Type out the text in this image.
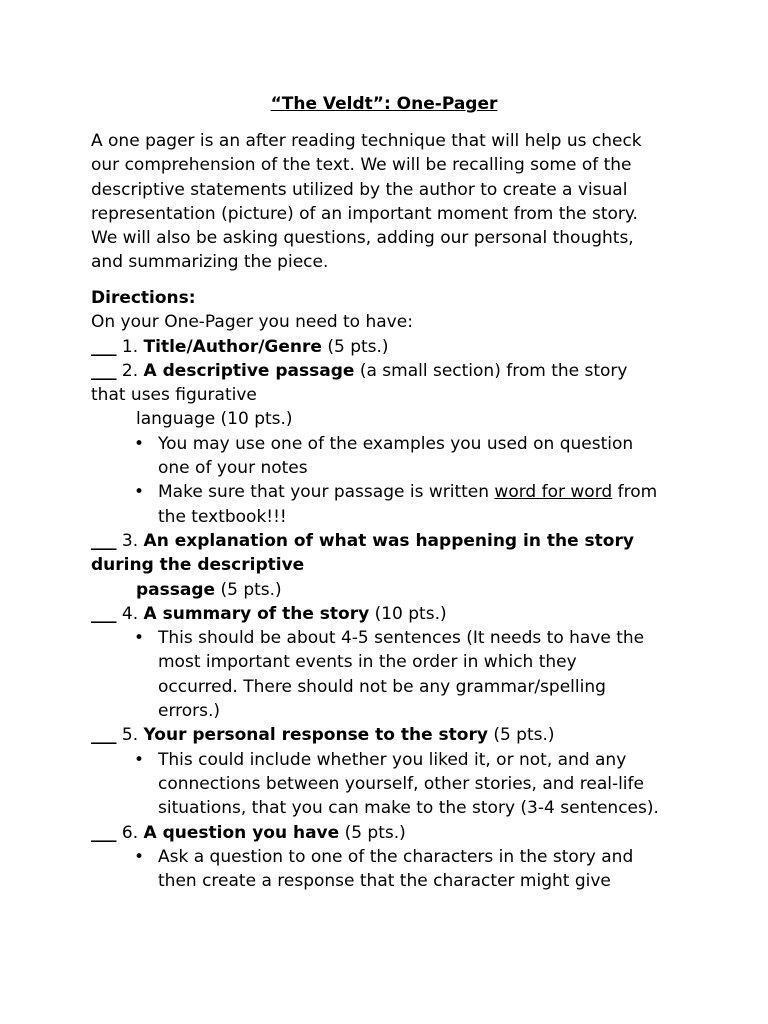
“The Veldt”: One-Pager
A one pager is an after reading technique that will help us check
our comprehension of the text. We will be recalling some of the
descriptive statements utilized by the author to create a visual
representation (picture) of an important moment from the story.
We will also be asking questions, adding our personal thoughts,
and summarizing the piece.
Directions:
On your One-Pager you need to have:
___ 1. Title/Author/Genre (5 pts.)
___ 2. A descriptive passage (a small section) from the story
that uses figurative
language (10 pts.)
• You may use one of the examples you used on question
one of your notes
• Make sure that your passage is written word for word from
the textbook!!!
___ 3. An explanation of what was happening in the story
during the descriptive
passage (5 pts.)
___ 4. A summary of the story (10 pts.)
• This should be about 4-5 sentences (It needs to have the
most important events in the order in which they
occurred. There should not be any grammar/spelling
errors.)
___ 5. Your personal response to the story (5 pts.)
• This could include whether you liked it, or not, and any
connections between yourself, other stories, and real-life
situations, that you can make to the story (3-4 sentences).
___ 6. A question you have (5 pts.)
• Ask a question to one of the characters in the story and
then create a response that the character might give
